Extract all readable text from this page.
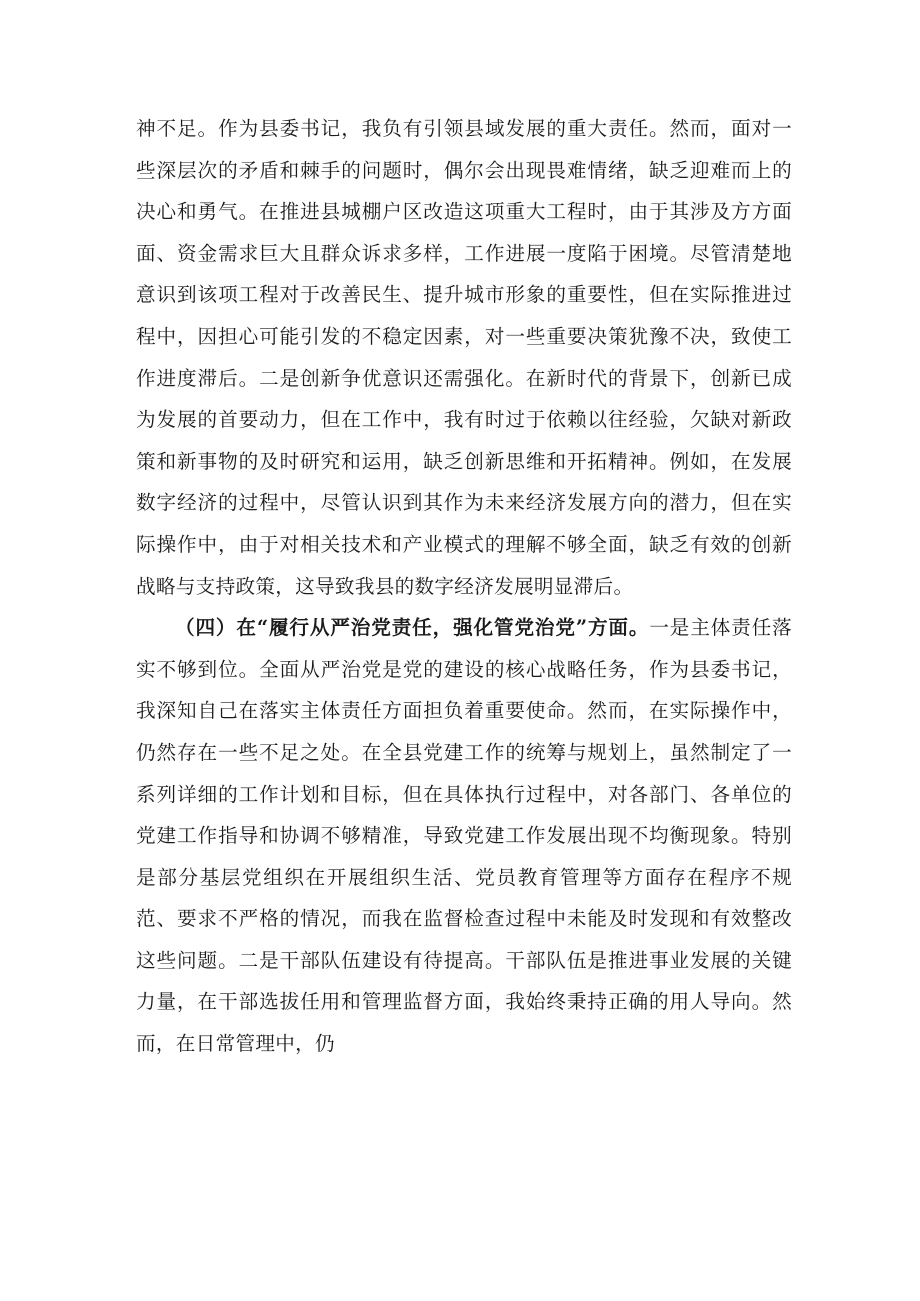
神不足。作为县委书记，我负有引领县域发展的重大责任。然而，面对一些深层次的矛盾和棘手的问题时，偶尔会出现畏难情绪，缺乏迎难而上的决心和勇气。在推进县城棚户区改造这项重大工程时，由于其涉及方方面面、资金需求巨大且群众诉求多样，工作进展一度陷于困境。尽管清楚地意识到该项工程对于改善民生、提升城市形象的重要性，但在实际推进过程中，因担心可能引发的不稳定因素，对一些重要决策犹豫不决，致使工作进度滞后。二是创新争优意识还需强化。在新时代的背景下，创新已成为发展的首要动力，但在工作中，我有时过于依赖以往经验，欠缺对新政策和新事物的及时研究和运用，缺乏创新思维和开拓精神。例如，在发展数字经济的过程中，尽管认识到其作为未来经济发展方向的潜力，但在实际操作中，由于对相关技术和产业模式的理解不够全面，缺乏有效的创新战略与支持政策，这导致我县的数字经济发展明显滞后。

（四）在“履行从严治党责任，强化管党治党”方面。一是主体责任落实不够到位。全面从严治党是党的建设的核心战略任务，作为县委书记，我深知自己在落实主体责任方面担负着重要使命。然而，在实际操作中，仍然存在一些不足之处。在全县党建工作的统筹与规划上，虽然制定了一系列详细的工作计划和目标，但在具体执行过程中，对各部门、各单位的党建工作指导和协调不够精准，导致党建工作发展出现不均衡现象。特别是部分基层党组织在开展组织生活、党员教育管理等方面存在程序不规范、要求不严格的情况，而我在监督检查过程中未能及时发现和有效整改这些问题。二是干部队伍建设有待提高。干部队伍是推进事业发展的关键力量，在干部选拔任用和管理监督方面，我始终秉持正确的用人导向。然而，在日常管理中，仍
